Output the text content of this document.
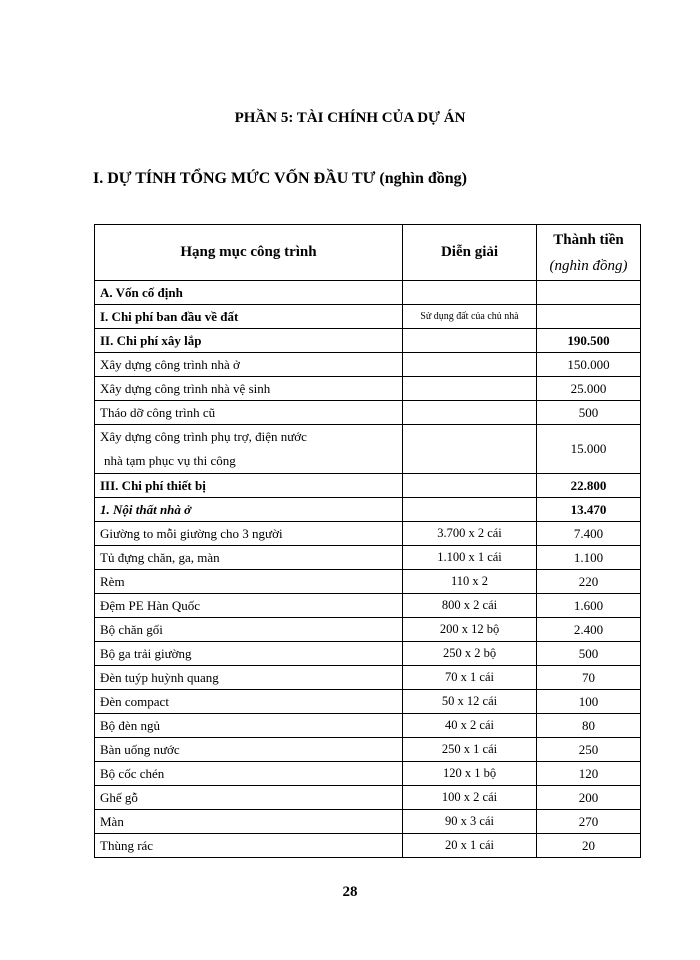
PHẦN 5: TÀI CHÍNH CỦA DỰ ÁN
I. DỰ TÍNH TỔNG MỨC VỐN ĐẦU TƯ (nghìn đồng)
Hạng mục công trình	Diễn giải	Thành tiền
(nghìn đồng)

A. Vốn cố định		
I. Chi phí ban đầu về đất	Sử dụng đất của chủ nhà	
II. Chi phí xây lắp		190.500
Xây dựng công trình nhà ở		150.000
Xây dựng công trình nhà vệ sinh		25.000
Tháo dỡ công trình cũ		500

Xây dựng công trình phụ trợ, điện nước
nhà tạm phục vụ thi công		15.000
III. Chi phí thiết bị		22.800
1. Nội thất nhà ở		13.470
Giường to mỗi giường cho 3 người	3.700 x 2 cái	7.400
Tủ đựng chăn, ga, màn	1.100 x 1 cái	1.100
Rèm	110 x 2	220
Đệm PE Hàn Quốc	800 x 2 cái	1.600
Bộ chăn gối	200 x 12 bộ	2.400
Bộ ga trải giường	250 x 2 bộ	500
Đèn tuýp huỳnh quang	70 x 1 cái	70
Đèn compact	50 x 12 cái	100
Bộ đèn ngủ	40 x 2 cái	80
Bàn uống nước	250 x 1 cái	250
Bộ cốc chén	120 x 1 bộ	120
Ghế gỗ	100 x 2 cái	200
Màn	90 x 3 cái	270
Thùng rác	20 x 1 cái	20
28
